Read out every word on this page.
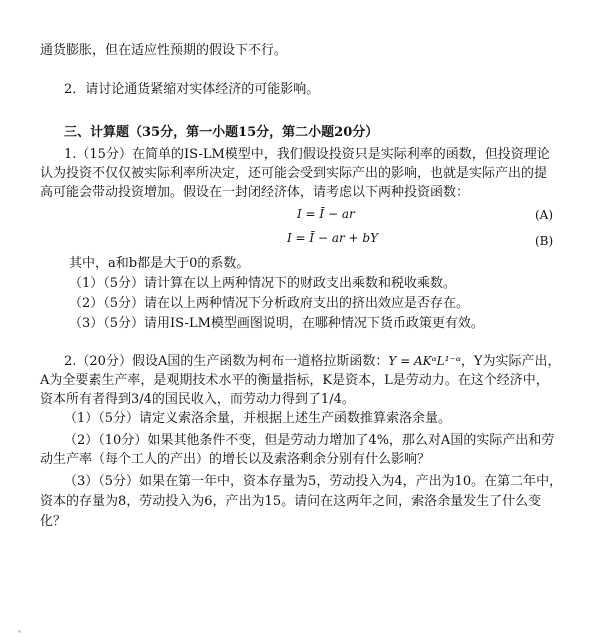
通货膨胀，但在适应性预期的假设下不行。
2．请讨论通货紧缩对实体经济的可能影响。
三、计算题（35分，第一小题15分，第二小题20分）
1.（15分）在简单的IS-LM模型中，我们假设投资只是实际利率的函数，但投资理论
认为投资不仅仅被实际利率所决定，还可能会受到实际产出的影响，也就是实际产出的提
高可能会带动投资增加。假设在一封闭经济体，请考虑以下两种投资函数：
I = Ī − ar	(A)
I = Ī − ar + bY	(B)
其中，a和b都是大于0的系数。
（1）（5分）请计算在以上两种情况下的财政支出乘数和税收乘数。
（2）（5分）请在以上两种情况下分析政府支出的挤出效应是否存在。
（3）（5分）请用IS-LM模型画图说明，在哪种情况下货币政策更有效。
2.（20分）假设A国的生产函数为柯布一道格拉斯函数：Y = AKᵅL¹⁻ᵅ，Y为实际产出，
A为全要素生产率，是观期技术水平的衡量指标，K是资本，L是劳动力。在这个经济中，
资本所有者得到3/4的国民收入，而劳动力得到了1/4。
（1）（5分）请定义索洛余量，并根据上述生产函数推算索洛余量。
（2）（10分）如果其他条件不变，但是劳动力增加了4%，那么对A国的实际产出和劳
动生产率（每个工人的产出）的增长以及索洛剩余分别有什么影响？
（3）（5分）如果在第一年中，资本存量为5，劳动投入为4，产出为10。在第二年中，
资本的存量为8，劳动投入为6，产出为15。请问在这两年之间，索洛余量发生了什么变
化？
